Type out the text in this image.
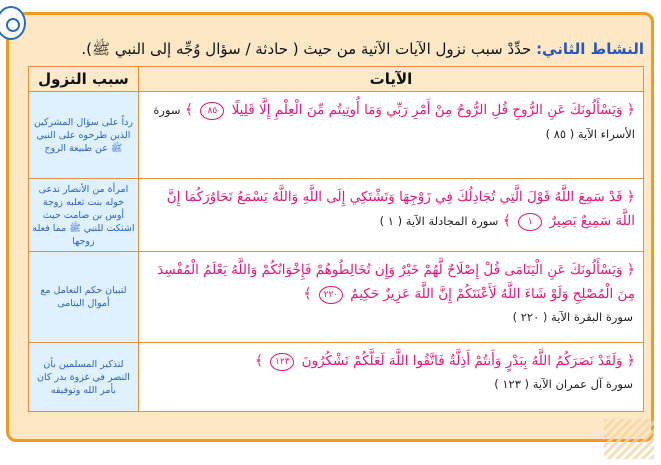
النشاط الثاني: حدِّدْ سبب نزول الآيات الآتية من حيث ( حادثة / سؤال وُجِّه إلى النبي ﷺ).
الآيات	سبب النزول

﴿ وَيَسْأَلُونَكَ عَنِ الرُّوحِ قُلِ الرُّوحُ مِنْ أَمْرِ رَبِّي وَمَا أُوتِيتُم مِّنَ الْعِلْمِ إِلَّا قَلِيلًا ٨٥ ﴾ سورة الأسراء الآية ( ٨٥ )	رداً على سؤال المشركين الذين طرحوه على النبي ﷺ عن طبيعة الروح

﴿ قَدْ سَمِعَ اللَّهُ قَوْلَ الَّتِي تُجَادِلُكَ فِي زَوْجِهَا وَتَشْتَكِي إِلَى اللَّهِ وَاللَّهُ يَسْمَعُ تَحَاوُرَكُمَا إِنَّ اللَّهَ سَمِيعٌ بَصِيرٌ ١ ﴾ سورة المجادلة الآية ( ١ )	امرأة من الأنصار تدعى خوله بنت ثعلبه زوجة أوس بن صامت حيث اشتكت للنبي ﷺ مما فعله زوجها

﴿ وَيَسْأَلُونَكَ عَنِ الْيَتَامَى قُلْ إِصْلَاحٌ لَّهُمْ خَيْرٌ وَإِن تُخَالِطُوهُمْ فَإِخْوَانُكُمْ وَاللَّهُ يَعْلَمُ الْمُفْسِدَ مِنَ الْمُصْلِحِ وَلَوْ شَاءَ اللَّهُ لَأَعْنَتَكُمْ إِنَّ اللَّهَ عَزِيزٌ حَكِيمٌ ٢٢٠ ﴾
سورة البقرة الآية ( ٢٢٠ )	لتبيان حكم التعامل مع أموال اليتامى

﴿ وَلَقَدْ نَصَرَكُمُ اللَّهُ بِبَدْرٍ وَأَنتُمْ أَذِلَّةٌ فَاتَّقُوا اللَّهَ لَعَلَّكُمْ تَشْكُرُونَ ١٢٣ ﴾
سورة آل عمران الآية ( ١٢٣ )	لتذكير المسلمين بأن النصر في غزوة بدر كان بأمر الله وتوفيقه
